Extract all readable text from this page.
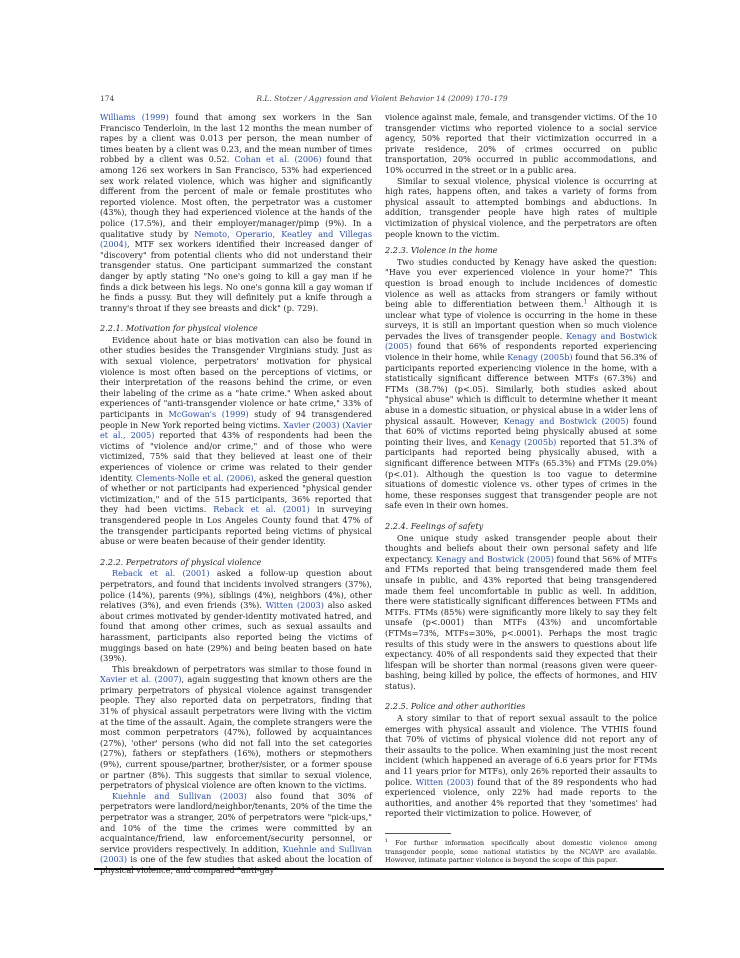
174	R.L. Stotzer / Aggression and Violent Behavior 14 (2009) 170–179

Williams (1999) found that among sex workers in the San Francisco Tenderloin, in the last 12 months the mean number of rapes by a client was 0.013 per person, the mean number of times beaten by a client was 0.23, and the mean number of times robbed by a client was 0.52. Cohan et al. (2006) found that among 126 sex workers in San Francisco, 53% had experienced sex work related violence, which was higher and significantly different from the percent of male or female prostitutes who reported violence. Most often, the perpetrator was a customer (43%), though they had experienced violence at the hands of the police (17.5%), and their employer/manager/pimp (9%). In a qualitative study by Nemoto, Operario, Keatley and Villegas (2004), MTF sex workers identified their increased danger of "discovery" from potential clients who did not understand their transgender status. One participant summarized the constant danger by aptly stating "No one's going to kill a gay man if he finds a dick between his legs. No one's gonna kill a gay woman if he finds a pussy. But they will definitely put a knife through a tranny's throat if they see breasts and dick" (p. 729).

2.2.1. Motivation for physical violence

Evidence about hate or bias motivation can also be found in other studies besides the Transgender Virginians study. Just as with sexual violence, perpetrators' motivation for physical violence is most often based on the perceptions of victims, or their interpretation of the reasons behind the crime, or even their labeling of the crime as a "hate crime." When asked about experiences of "anti-transgender violence or hate crime," 33% of participants in McGowan's (1999) study of 94 transgendered people in New York reported being victims. Xavier (2003) (Xavier et al., 2005) reported that 43% of respondents had been the victims of "violence and/or crime," and of those who were victimized, 75% said that they believed at least one of their experiences of violence or crime was related to their gender identity. Clements-Nolle et al. (2006), asked the general question of whether or not participants had experienced "physical gender victimization," and of the 515 participants, 36% reported that they had been victims. Reback et al. (2001) in surveying transgendered people in Los Angeles County found that 47% of the transgender participants reported being victims of physical abuse or were beaten because of their gender identity.

2.2.2. Perpetrators of physical violence

Reback et al. (2001) asked a follow-up question about perpetrators, and found that incidents involved strangers (37%), police (14%), parents (9%), siblings (4%), neighbors (4%), other relatives (3%), and even friends (3%). Witten (2003) also asked about crimes motivated by gender-identity motivated hatred, and found that among other crimes, such as sexual assaults and harassment, participants also reported being the victims of muggings based on hate (29%) and being beaten based on hate (39%).

This breakdown of perpetrators was similar to those found in Xavier et al. (2007), again suggesting that known others are the primary perpetrators of physical violence against transgender people. They also reported data on perpetrators, finding that 31% of physical assault perpetrators were living with the victim at the time of the assault. Again, the complete strangers were the most common perpetrators (47%), followed by acquaintances (27%), 'other' persons (who did not fall into the set categories (27%), fathers or stepfathers (16%), mothers or stepmothers (9%), current spouse/partner, brother/sister, or a former spouse or partner (8%). This suggests that similar to sexual violence, perpetrators of physical violence are often known to the victims.

Kuehnle and Sullivan (2003) also found that 30% of perpetrators were landlord/neighbor/tenants, 20% of the time the perpetrator was a stranger, 20% of perpetrators were "pick-ups," and 10% of the time the crimes were committed by an acquaintance/friend, law enforcement/security personnel, or service providers respectively. In addition, Kuehnle and Sullivan (2003) is one of the few studies that asked about the location of physical violence, and compared "anti-gay"

violence against male, female, and transgender victims. Of the 10 transgender victims who reported violence to a social service agency, 50% reported that their victimization occurred in a private residence, 20% of crimes occurred on public transportation, 20% occurred in public accommodations, and 10% occurred in the street or in a public area.

Similar to sexual violence, physical violence is occurring at high rates, happens often, and takes a variety of forms from physical assault to attempted bombings and abductions. In addition, transgender people have high rates of multiple victimization of physical violence, and the perpetrators are often people known to the victim.

2.2.3. Violence in the home

Two studies conducted by Kenagy have asked the question: "Have you ever experienced violence in your home?" This question is broad enough to include incidences of domestic violence as well as attacks from strangers or family without being able to differentiation between them.$^1$ Although it is unclear what type of violence is occurring in the home in these surveys, it is still an important question when so much violence pervades the lives of transgender people. Kenagy and Bostwick (2005) found that 66% of respondents reported experiencing violence in their home, while Kenagy (2005b) found that 56.3% of participants reported experiencing violence in the home, with a statistically significant difference between MTFs (67.3%) and FTMs (38.7%) (p<.05). Similarly, both studies asked about "physical abuse" which is difficult to determine whether it meant abuse in a domestic situation, or physical abuse in a wider lens of physical assault. However, Kenagy and Bostwick (2005) found that 60% of victims reported being physically abused at some pointing their lives, and Kenagy (2005b) reported that 51.3% of participants had reported being physically abused, with a significant difference between MTFs (65.3%) and FTMs (29.0%) (p<.01). Although the question is too vague to determine situations of domestic violence vs. other types of crimes in the home, these responses suggest that transgender people are not safe even in their own homes.

2.2.4. Feelings of safety

One unique study asked transgender people about their thoughts and beliefs about their own personal safety and life expectancy. Kenagy and Bostwick (2005) found that 56% of MTFs and FTMs reported that being transgendered made them feel unsafe in public, and 43% reported that being transgendered made them feel uncomfortable in public as well. In addition, there were statistically significant differences between FTMs and MTFs. FTMs (85%) were significantly more likely to say they felt unsafe (p<.0001) than MTFs (43%) and uncomfortable (FTMs=73%, MTFs=30%, p<.0001). Perhaps the most tragic results of this study were in the answers to questions about life expectancy. 40% of all respondents said they expected that their lifespan will be shorter than normal (reasons given were queer-bashing, being killed by police, the effects of hormones, and HIV status).

2.2.5. Police and other authorities

A story similar to that of report sexual assault to the police emerges with physical assault and violence. The VTHIS found that 70% of victims of physical violence did not report any of their assaults to the police. When examining just the most recent incident (which happened an average of 6.6 years prior for FTMs and 11 years prior for MTFs), only 26% reported their assaults to police. Witten (2003) found that of the 89 respondents who had experienced violence, only 22% had made reports to the authorities, and another 4% reported that they 'sometimes' had reported their victimization to police. However, of

$^1$ For further information specifically about domestic violence among transgender people, some national statistics by the NCAVP are available. However, intimate partner violence is beyond the scope of this paper.
